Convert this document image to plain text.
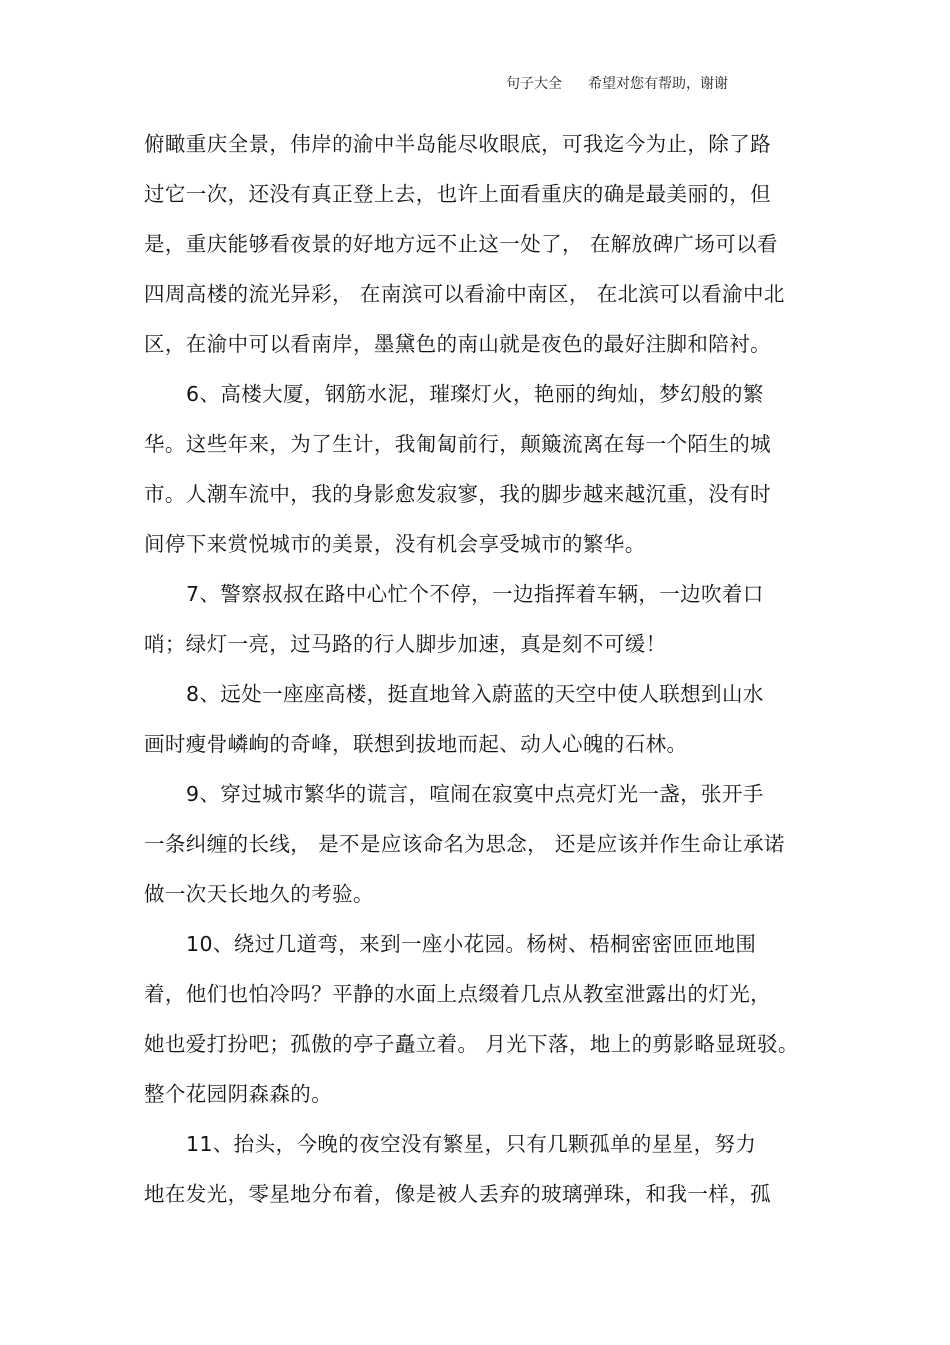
句子大全 希望对您有帮助，谢谢
俯瞰重庆全景，伟岸的渝中半岛能尽收眼底，可我迄今为止，除了路
过它一次，还没有真正登上去，也许上面看重庆的确是最美丽的，但
是，重庆能够看夜景的好地方远不止这一处了， 在解放碑广场可以看
四周高楼的流光异彩， 在南滨可以看渝中南区， 在北滨可以看渝中北
区，在渝中可以看南岸，墨黛色的南山就是夜色的最好注脚和陪衬。
6、高楼大厦，钢筋水泥，璀璨灯火，艳丽的绚灿，梦幻般的繁
华。这些年来，为了生计，我匍匐前行，颠簸流离在每一个陌生的城
市。人潮车流中，我的身影愈发寂寥，我的脚步越来越沉重，没有时
间停下来赏悦城市的美景，没有机会享受城市的繁华。
7、警察叔叔在路中心忙个不停，一边指挥着车辆，一边吹着口
哨；绿灯一亮，过马路的行人脚步加速，真是刻不可缓！
8、远处一座座高楼，挺直地耸入蔚蓝的天空中使人联想到山水
画时瘦骨嶙峋的奇峰，联想到拔地而起、动人心魄的石林。
9、穿过城市繁华的谎言，喧闹在寂寞中点亮灯光一盏，张开手
一条纠缠的长线， 是不是应该命名为思念， 还是应该并作生命让承诺
做一次天长地久的考验。
10、绕过几道弯，来到一座小花园。杨树、梧桐密密匝匝地围
着，他们也怕冷吗？平静的水面上点缀着几点从教室泄露出的灯光，
她也爱打扮吧；孤傲的亭子矗立着。 月光下落，地上的剪影略显斑驳。
整个花园阴森森的。
11、抬头，今晚的夜空没有繁星，只有几颗孤单的星星，努力
地在发光，零星地分布着，像是被人丢弃的玻璃弹珠，和我一样，孤
